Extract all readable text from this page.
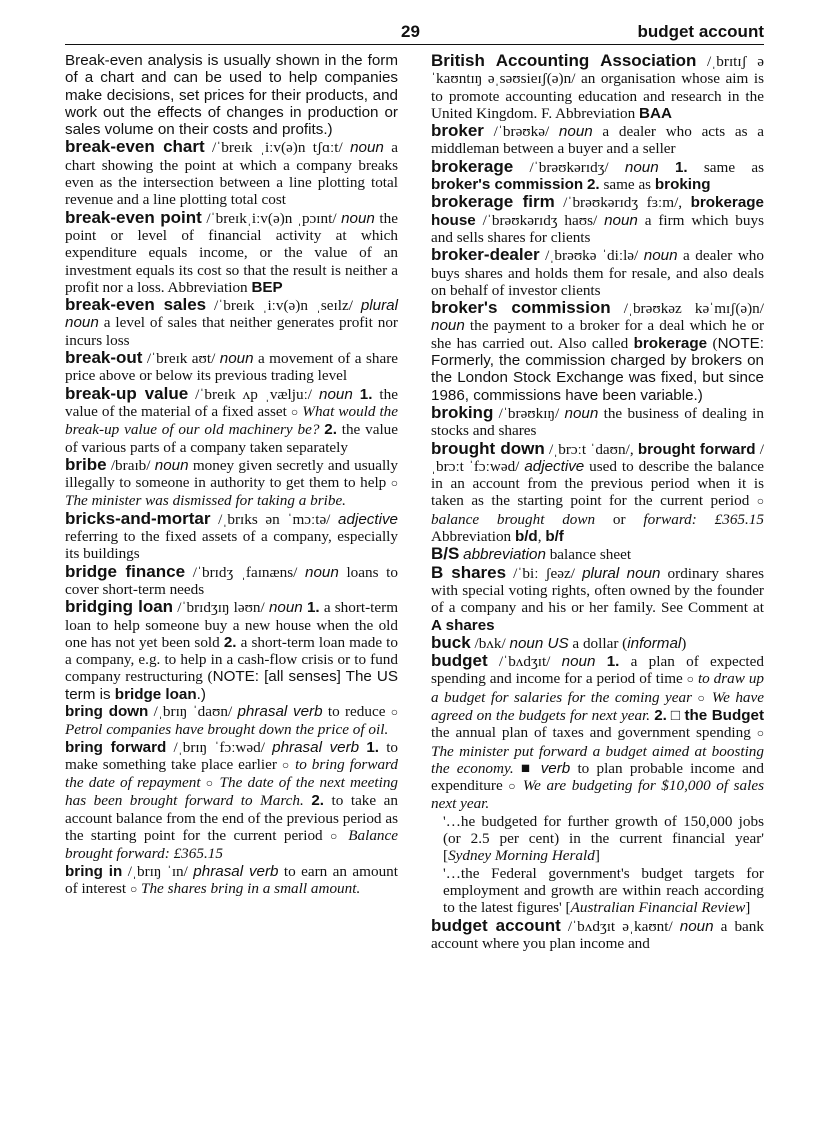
29	budget account

Break-even analysis is usually shown in the form of a chart and can be used to help companies make decisions, set prices for their products, and work out the effects of changes in production or sales volume on their costs and profits.)

break-even chart /ˈbreɪk ˌiːv(ə)n tʃɑːt/ noun a chart showing the point at which a company breaks even as the intersection between a line plotting total revenue and a line plotting total cost

break-even point /ˈbreɪkˌiːv(ə)n ˌpɔɪnt/ noun the point or level of financial activity at which expenditure equals income, or the value of an investment equals its cost so that the result is neither a profit nor a loss. Abbreviation BEP

break-even sales /ˈbreɪk ˌiːv(ə)n ˌseɪlz/ plural noun a level of sales that neither generates profit nor incurs loss

break-out /ˈbreɪk aʊt/ noun a movement of a share price above or below its previous trading level

break-up value /ˈbreɪk ʌp ˌvæljuː/ noun 1. the value of the material of a fixed asset ○ What would the break-up value of our old machinery be? 2. the value of various parts of a company taken separately

bribe /braɪb/ noun money given secretly and usually illegally to someone in authority to get them to help ○ The minister was dismissed for taking a bribe.

bricks-and-mortar /ˌbrɪks ən ˈmɔːtə/ adjective referring to the fixed assets of a company, especially its buildings

bridge finance /ˈbrɪdʒ ˌfaɪnæns/ noun loans to cover short-term needs

bridging loan /ˈbrɪdʒɪŋ ləʊn/ noun 1. a short-term loan to help someone buy a new house when the old one has not yet been sold 2. a short-term loan made to a company, e.g. to help in a cash-flow crisis or to fund company restructuring (NOTE: [all senses] The US term is bridge loan.)

bring down /ˌbrɪŋ ˈdaʊn/ phrasal verb to reduce ○ Petrol companies have brought down the price of oil.

bring forward /ˌbrɪŋ ˈfɔːwəd/ phrasal verb 1. to make something take place earlier ○ to bring forward the date of repayment ○ The date of the next meeting has been brought forward to March. 2. to take an account balance from the end of the previous period as the starting point for the current period ○ Balance brought forward: £365.15

bring in /ˌbrɪŋ ˈɪn/ phrasal verb to earn an amount of interest ○ The shares bring in a small amount.

British Accounting Association /ˌbrɪtɪʃ əˈkaʊntɪŋ əˌsəʊsieɪʃ(ə)n/ an organisation whose aim is to promote accounting education and research in the United Kingdom. F. Abbreviation BAA

broker /ˈbrəʊkə/ noun a dealer who acts as a middleman between a buyer and a seller

brokerage /ˈbrəʊkərɪdʒ/ noun 1. same as broker's commission 2. same as broking

brokerage firm /ˈbrəʊkərɪdʒ fɜːm/, brokerage house /ˈbrəʊkərɪdʒ haʊs/ noun a firm which buys and sells shares for clients

broker-dealer /ˌbrəʊkə ˈdiːlə/ noun a dealer who buys shares and holds them for resale, and also deals on behalf of investor clients

broker's commission /ˌbrəʊkəz kəˈmɪʃ(ə)n/ noun the payment to a broker for a deal which he or she has carried out. Also called brokerage (NOTE: Formerly, the commission charged by brokers on the London Stock Exchange was fixed, but since 1986, commissions have been variable.)

broking /ˈbrəʊkɪŋ/ noun the business of dealing in stocks and shares

brought down /ˌbrɔːt ˈdaʊn/, brought forward /ˌbrɔːt ˈfɔːwəd/ adjective used to describe the balance in an account from the previous period when it is taken as the starting point for the current period ○ balance brought down or forward: £365.15 Abbreviation b/d, b/f

B/S abbreviation balance sheet

B shares /ˈbiː ʃeəz/ plural noun ordinary shares with special voting rights, often owned by the founder of a company and his or her family. See Comment at A shares

buck /bʌk/ noun US a dollar (informal)

budget /ˈbʌdʒɪt/ noun 1. a plan of expected spending and income for a period of time ○ to draw up a budget for salaries for the coming year ○ We have agreed on the budgets for next year. 2. □ the Budget the annual plan of taxes and government spending ○ The minister put forward a budget aimed at boosting the economy. ■ verb to plan probable income and expenditure ○ We are budgeting for $10,000 of sales next year.

'…he budgeted for further growth of 150,000 jobs (or 2.5 per cent) in the current financial year' [Sydney Morning Herald]

'…the Federal government's budget targets for employment and growth are within reach according to the latest figures' [Australian Financial Review]

budget account /ˈbʌdʒɪt əˌkaʊnt/ noun a bank account where you plan income and
